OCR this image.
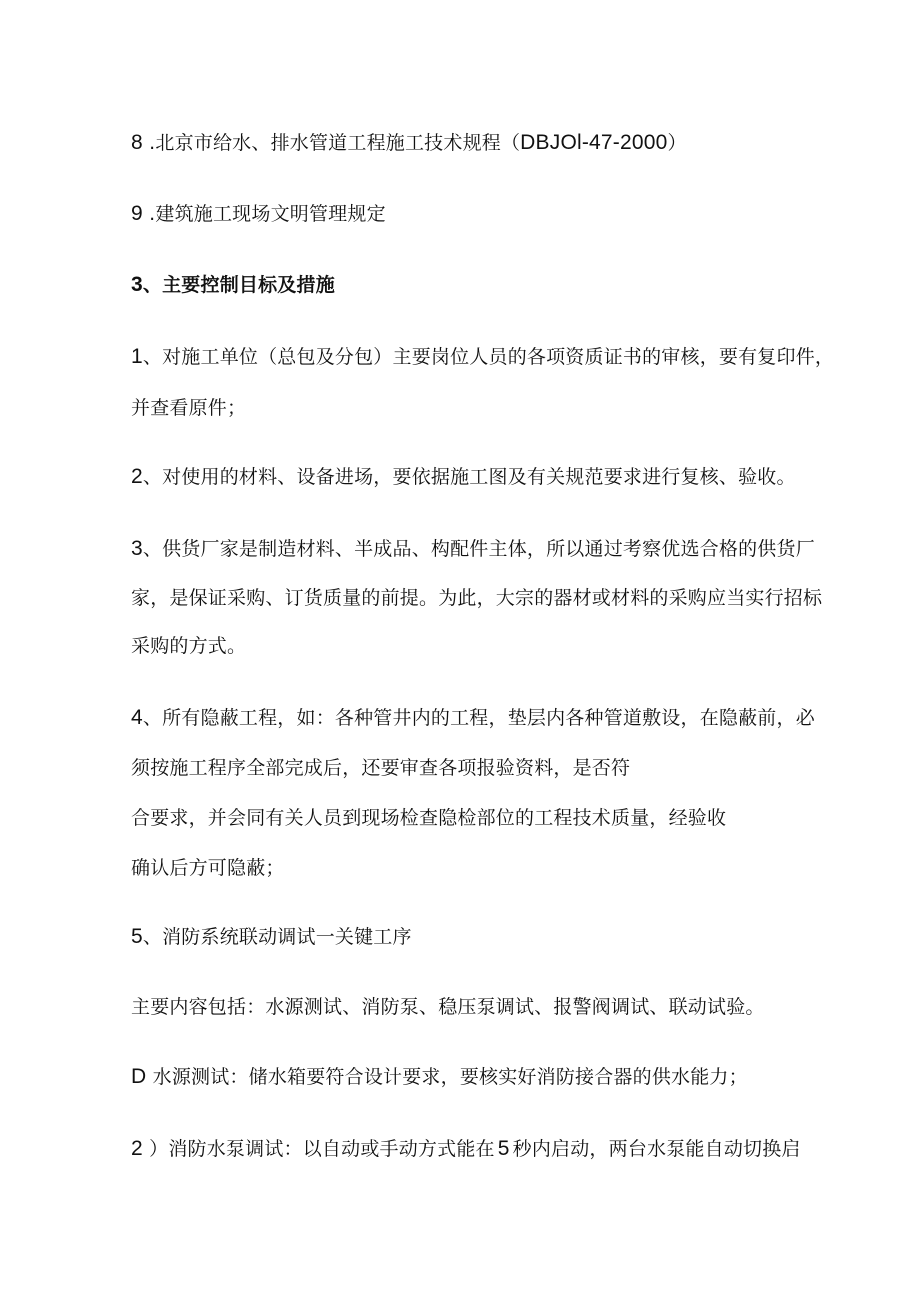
8 .北京市给水、排水管道工程施工技术规程（DBJOl-47-2000）
9 .建筑施工现场文明管理规定
3、主要控制目标及措施
1、对施工单位（总包及分包）主要岗位人员的各项资质证书的审核，要有复印件，
并查看原件；
2、对使用的材料、设备进场，要依据施工图及有关规范要求进行复核、验收。
3、供货厂家是制造材料、半成品、构配件主体，所以通过考察优选合格的供货厂
家，是保证采购、订货质量的前提。为此，大宗的器材或材料的采购应当实行招标
采购的方式。
4、所有隐蔽工程，如：各种管井内的工程，垫层内各种管道敷设，在隐蔽前，必
须按施工程序全部完成后，还要审查各项报验资料，是否符
合要求，并会同有关人员到现场检查隐检部位的工程技术质量，经验收
确认后方可隐蔽；
5、消防系统联动调试一关键工序
主要内容包括：水源测试、消防泵、稳压泵调试、报警阀调试、联动试验。
D 水源测试：储水箱要符合设计要求，要核实好消防接合器的供水能力；
2 ）消防水泵调试：以自动或手动方式能在 5 秒内启动，两台水泵能自动切换启
